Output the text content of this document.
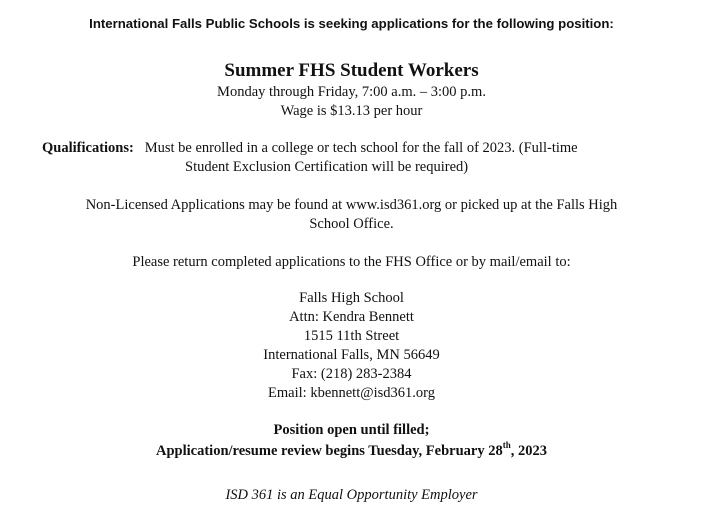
International Falls Public Schools is seeking applications for the following position:
Summer FHS Student Workers
Monday through Friday, 7:00 a.m. – 3:00 p.m.
Wage is $13.13 per hour
Qualifications: Must be enrolled in a college or tech school for the fall of 2023. (Full-time
Student Exclusion Certification will be required)
Non-Licensed Applications may be found at www.isd361.org or picked up at the Falls High
School Office.
Please return completed applications to the FHS Office or by mail/email to:
Falls High School
Attn: Kendra Bennett
1515 11th Street
International Falls, MN 56649
Fax: (218) 283-2384
Email: kbennett@isd361.org
Position open until filled;
Application/resume review begins Tuesday, February 28th, 2023
ISD 361 is an Equal Opportunity Employer
